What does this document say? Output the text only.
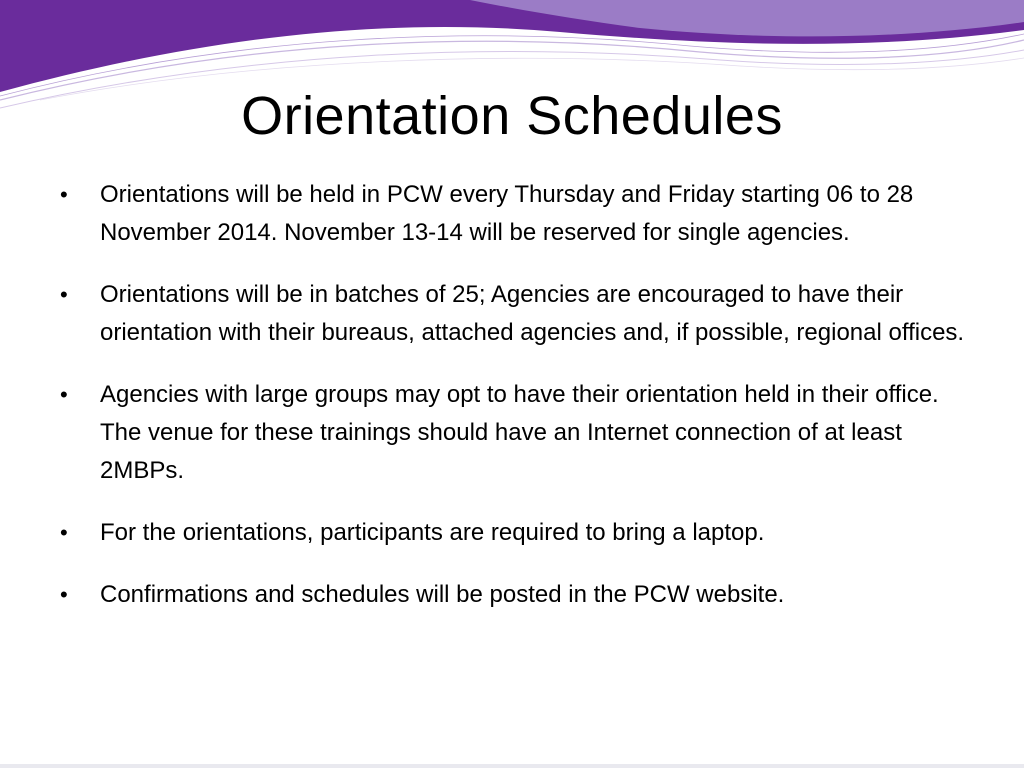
Orientation Schedules
• Orientations will be held in PCW every Thursday and Friday starting 06 to 28 November 2014. November 13-14 will be reserved for single agencies.
• Orientations will be in batches of 25; Agencies are encouraged to have their orientation with their bureaus, attached agencies and, if possible, regional offices.
• Agencies with large groups may opt to have their orientation held in their office. The venue for these trainings should have an Internet connection of at least 2MBPs.
• For the orientations, participants are required to bring a laptop.
• Confirmations and schedules will be posted in the PCW website.
